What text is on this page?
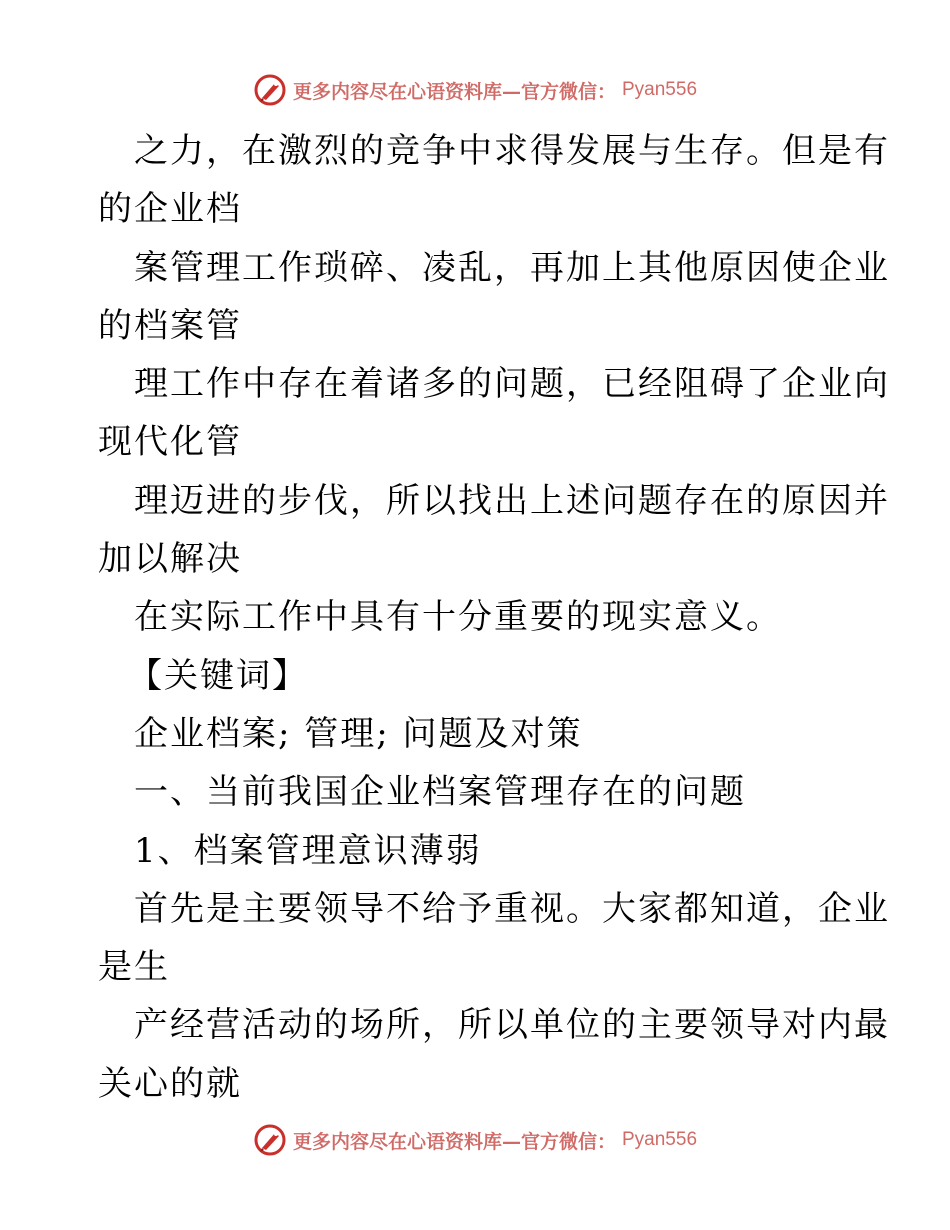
更多内容尽在心语资料库—官方微信： Pyan556
之力，在激烈的竞争中求得发展与生存。但是有
的企业档
案管理工作琐碎、凌乱，再加上其他原因使企业
的档案管
理工作中存在着诸多的问题，已经阻碍了企业向
现代化管
理迈进的步伐，所以找出上述问题存在的原因并
加以解决
在实际工作中具有十分重要的现实意义。
【关键词】
企业档案; 管理; 问题及对策
一、当前我国企业档案管理存在的问题
1、档案管理意识薄弱
首先是主要领导不给予重视。大家都知道，企业
是生
产经营活动的场所，所以单位的主要领导对内最
关心的就
更多内容尽在心语资料库—官方微信： Pyan556
